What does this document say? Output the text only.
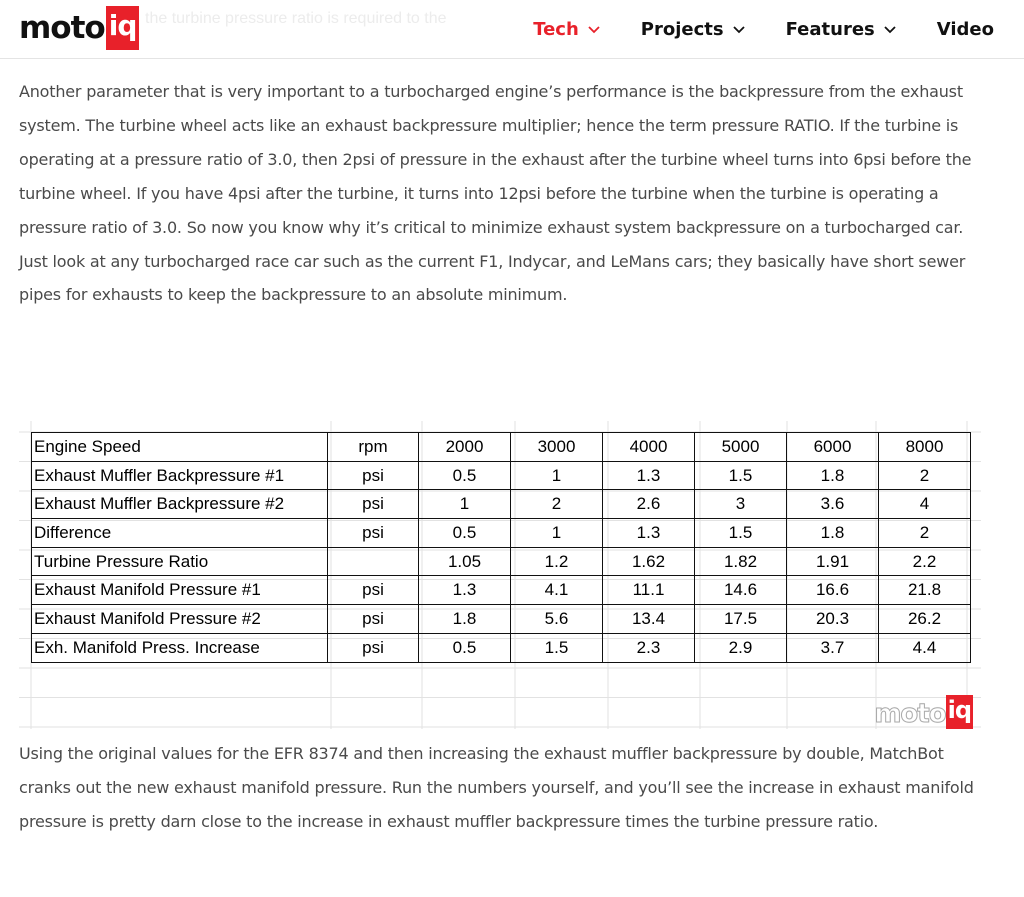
the turbine pressure ratio is required to the
moto iq	Tech	Projects	Features	Video
Another parameter that is very important to a turbocharged engine’s performance is the backpressure from the exhaust system. The turbine wheel acts like an exhaust backpressure multiplier; hence the term pressure RATIO. If the turbine is operating at a pressure ratio of 3.0, then 2psi of pressure in the exhaust after the turbine wheel turns into 6psi before the turbine wheel. If you have 4psi after the turbine, it turns into 12psi before the turbine when the turbine is operating a pressure ratio of 3.0. So now you know why it’s critical to minimize exhaust system backpressure on a turbocharged car. Just look at any turbocharged race car such as the current F1, Indycar, and LeMans cars; they basically have short sewer pipes for exhausts to keep the backpressure to an absolute minimum.
Engine Speed	rpm	2000	3000	4000	5000	6000	8000
Exhaust Muffler Backpressure #1	psi	0.5	1	1.3	1.5	1.8	2
Exhaust Muffler Backpressure #2	psi	1	2	2.6	3	3.6	4
Difference	psi	0.5	1	1.3	1.5	1.8	2
Turbine Pressure Ratio		1.05	1.2	1.62	1.82	1.91	2.2
Exhaust Manifold Pressure #1	psi	1.3	4.1	11.1	14.6	16.6	21.8
Exhaust Manifold Pressure #2	psi	1.8	5.6	13.4	17.5	20.3	26.2
Exh. Manifold Press. Increase	psi	0.5	1.5	2.3	2.9	3.7	4.4
moto iq
Using the original values for the EFR 8374 and then increasing the exhaust muffler backpressure by double, MatchBot cranks out the new exhaust manifold pressure. Run the numbers yourself, and you’ll see the increase in exhaust manifold pressure is pretty darn close to the increase in exhaust muffler backpressure times the turbine pressure ratio.
